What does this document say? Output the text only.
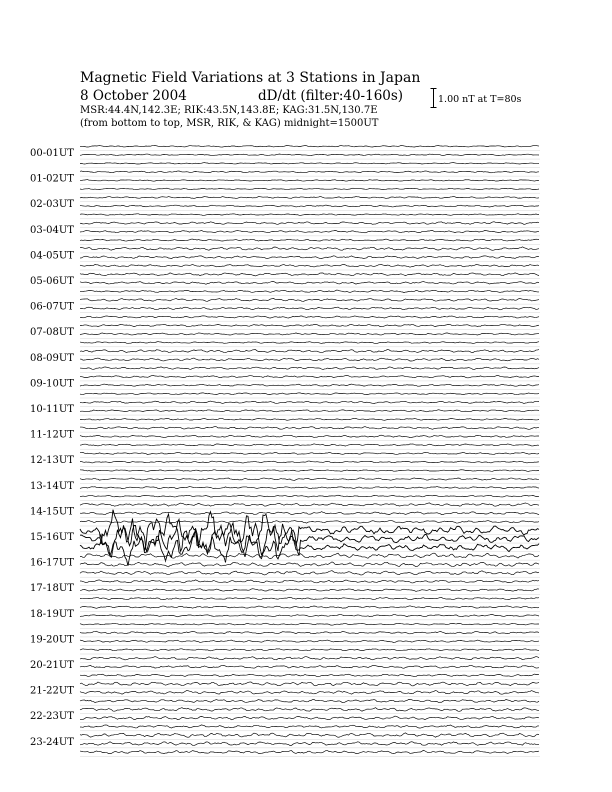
Magnetic Field Variations at 3 Stations in Japan
8 October 2004	dD/dt (filter:40-160s)
MSR:44.4N,142.3E; RIK:43.5N,143.8E; KAG:31.5N,130.7E
(from bottom to top, MSR, RIK, & KAG) midnight=1500UT
1.00 nT at T=80s
00-01UT
01-02UT
02-03UT
03-04UT
04-05UT
05-06UT
06-07UT
07-08UT
08-09UT
09-10UT
10-11UT
11-12UT
12-13UT
13-14UT
14-15UT
15-16UT
16-17UT
17-18UT
18-19UT
19-20UT
20-21UT
21-22UT
22-23UT
23-24UT
